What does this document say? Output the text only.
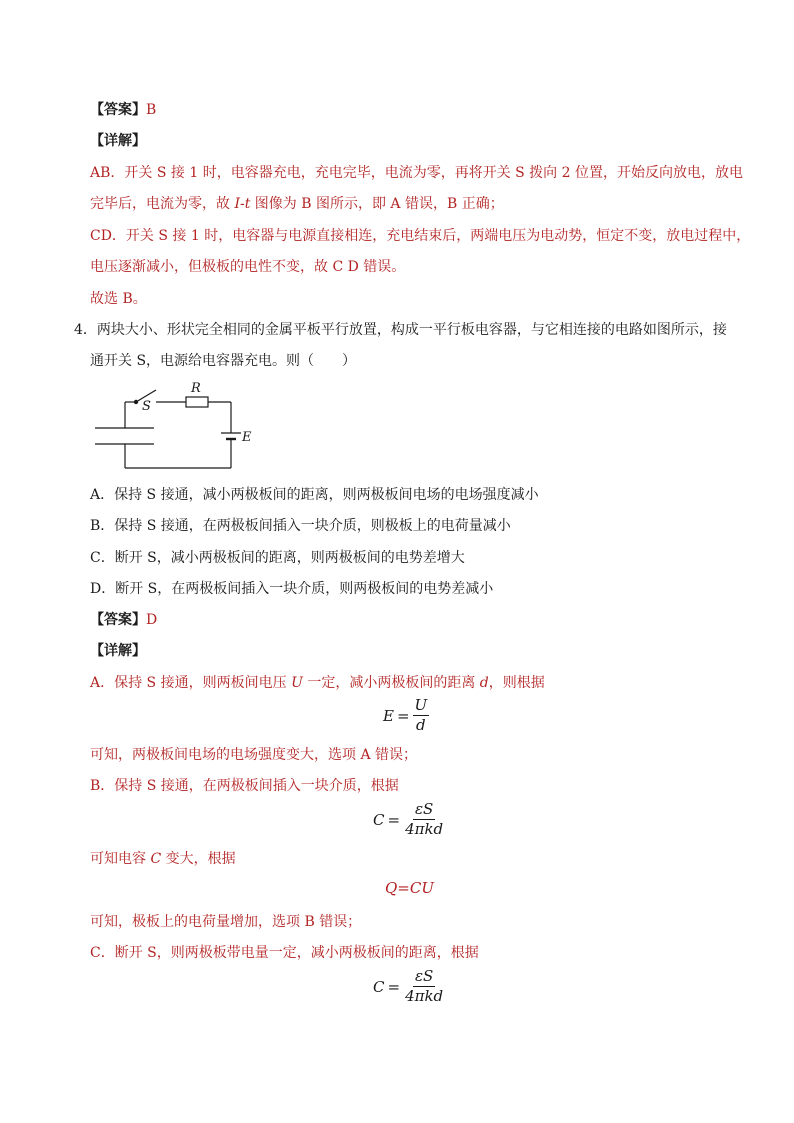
【答案】B
【详解】
AB．开关 S 接 1 时，电容器充电，充电完毕，电流为零，再将开关 S 拨向 2 位置，开始反向放电，放电
完毕后，电流为零，故 I-t 图像为 B 图所示，即 A 错误，B 正确；
CD．开关 S 接 1 时，电容器与电源直接相连，充电结束后，两端电压为电动势，恒定不变，放电过程中，
电压逐渐减小，但极板的电性不变，故 C D 错误。
故选 B。
4．两块大小、形状完全相同的金属平板平行放置，构成一平行板电容器，与它相连接的电路如图所示，接
通开关 S，电源给电容器充电。则（　　）
S
R
E
A．保持 S 接通，减小两极板间的距离，则两极板间电场的电场强度减小
B．保持 S 接通，在两极板间插入一块介质，则极板上的电荷量减小
C．断开 S，减小两极板间的距离，则两极板间的电势差增大
D．断开 S，在两极板间插入一块介质，则两极板间的电势差减小
【答案】D
【详解】
A．保持 S 接通，则两板间电压 U 一定，减小两极板间的距离 d，则根据
$E = \frac{U}{d}$
可知，两极板间电场的电场强度变大，选项 A 错误；
B．保持 S 接通，在两极板间插入一块介质，根据
$C = \frac{\varepsilon S}{\text{4πkd}}$
可知电容 C 变大，根据
Q=CU
可知，极板上的电荷量增加，选项 B 错误；
C．断开 S，则两极板带电量一定，减小两极板间的距离，根据
$C = \frac{\varepsilon S}{\text{4πkd}}$
